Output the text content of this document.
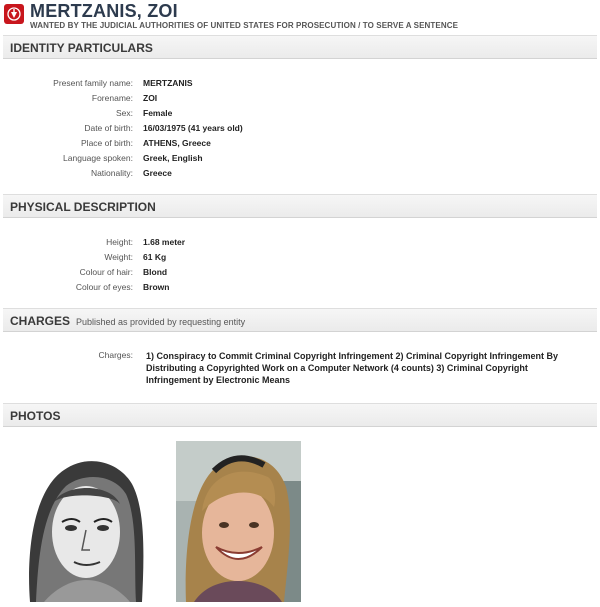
MERTZANIS, ZOI
WANTED BY THE JUDICIAL AUTHORITIES OF UNITED STATES FOR PROSECUTION / TO SERVE A SENTENCE
IDENTITY PARTICULARS
Present family name: MERTZANIS
Forename: ZOI
Sex: Female
Date of birth: 16/03/1975 (41 years old)
Place of birth: ATHENS, Greece
Language spoken: Greek, English
Nationality: Greece
PHYSICAL DESCRIPTION
Height: 1.68 meter
Weight: 61 Kg
Colour of hair: Blond
Colour of eyes: Brown
CHARGES Published as provided by requesting entity
Charges: 1) Conspiracy to Commit Criminal Copyright Infringement 2) Criminal Copyright Infringement By Distributing a Copyrighted Work on a Computer Network (4 counts) 3) Criminal Copyright Infringement by Electronic Means
PHOTOS
